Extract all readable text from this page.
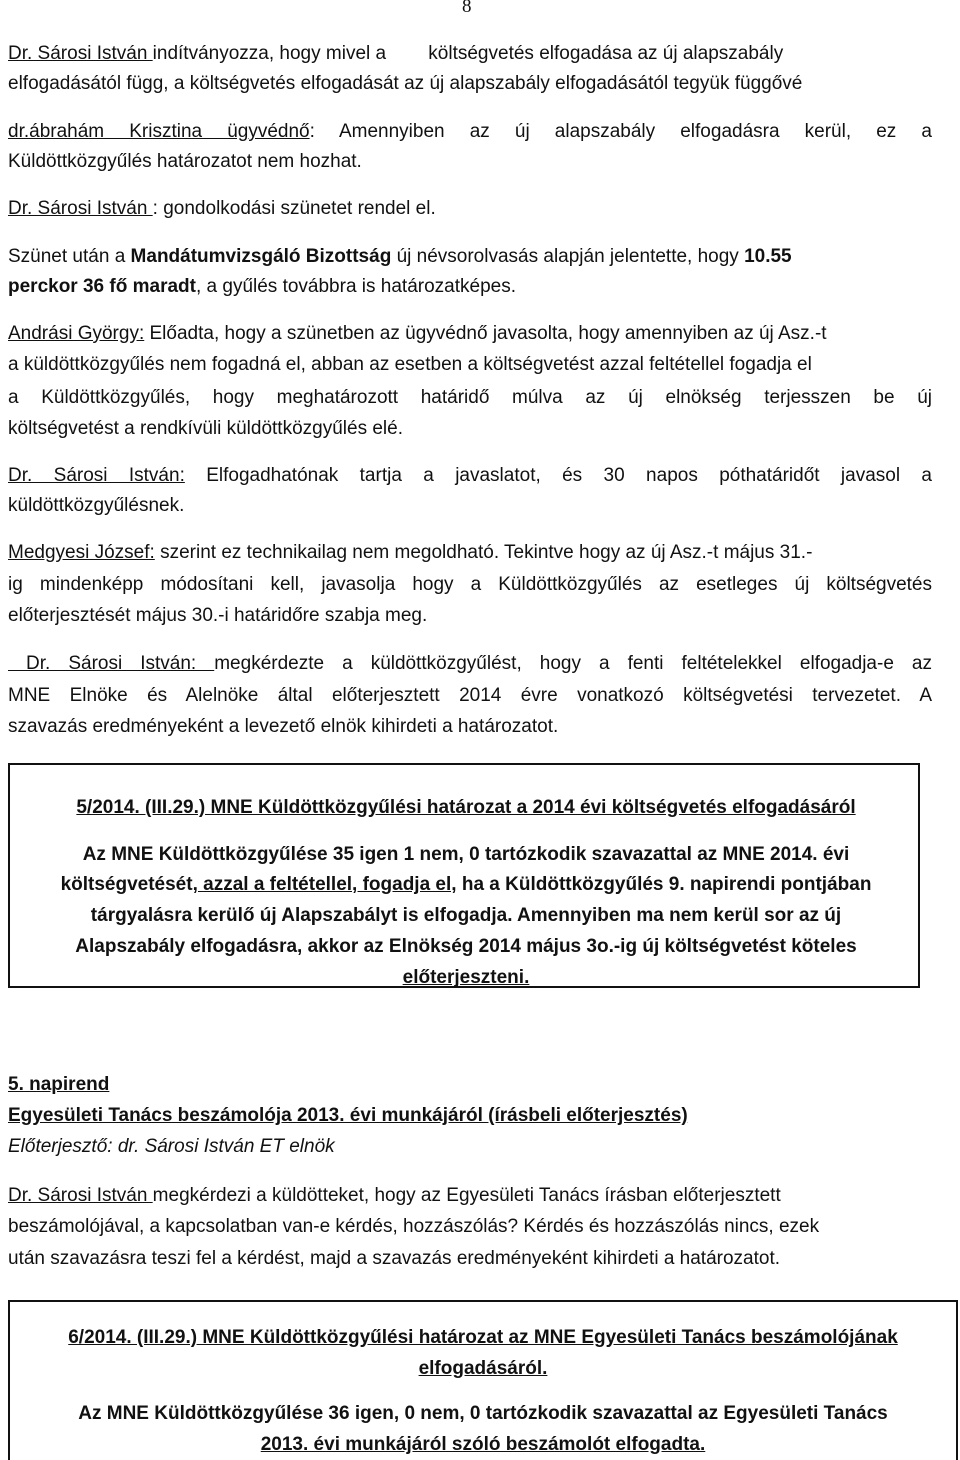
8
Dr. Sárosi István indítványozza, hogy mivel a        költségvetés elfogadása az új alapszabály
elfogadásától függ, a költségvetés elfogadását az új alapszabály elfogadásától tegyük függővé
dr.ábrahám Krisztina ügyvédnő: Amennyiben az új alapszabály elfogadásra kerül, ez a
Küldöttközgyűlés határozatot nem hozhat.
Dr. Sárosi István : gondolkodási szünetet rendel el.
Szünet után a Mandátumvizsgáló Bizottság új névsorolvasás alapján jelentette, hogy 10.55
perckor 36 fő maradt, a gyűlés továbbra is határozatképes.
Andrási György: Előadta, hogy a szünetben az ügyvédnő javasolta, hogy amennyiben az új Asz.-t
a küldöttközgyűlés nem fogadná el, abban az esetben a költségvetést azzal feltétellel fogadja el
a Küldöttközgyűlés, hogy meghatározott határidő múlva az új elnökség terjesszen be új
költségvetést a rendkívüli küldöttközgyűlés elé.
Dr. Sárosi István: Elfogadhatónak tartja a javaslatot, és 30 napos póthatáridőt javasol a
küldöttközgyűlésnek.
Medgyesi József: szerint ez technikailag nem megoldható. Tekintve hogy az új Asz.-t május 31.-
ig mindenképp módosítani kell, javasolja hogy a Küldöttközgyűlés az esetleges új költségvetés
előterjesztését május 30.-i határidőre szabja meg.
Dr. Sárosi István: megkérdezte a küldöttközgyűlést, hogy a fenti feltételekkel elfogadja-e az
MNE Elnöke és Alelnöke által előterjesztett 2014 évre vonatkozó költségvetési tervezetet. A
szavazás eredményeként a levezető elnök kihirdeti a határozatot.
5/2014. (III.29.) MNE Küldöttközgyűlési határozat a 2014 évi költségvetés elfogadásáról
Az MNE Küldöttközgyűlése 35 igen 1 nem, 0 tartózkodik szavazattal az MNE 2014. évi
költségvetését, azzal a feltétellel, fogadja el, ha a Küldöttközgyűlés 9. napirendi pontjában
tárgyalásra kerülő új Alapszabályt is elfogadja. Amennyiben ma nem kerül sor az új
Alapszabály elfogadásra, akkor az Elnökség 2014 május 3o.-ig új költségvetést köteles
előterjeszteni.
5. napirend
Egyesületi Tanács beszámolója 2013. évi munkájáról (írásbeli előterjesztés)
Előterjesztő: dr. Sárosi István ET elnök
Dr. Sárosi István megkérdezi a küldötteket, hogy az Egyesületi Tanács írásban előterjesztett
beszámolójával, a kapcsolatban van-e kérdés, hozzászólás? Kérdés és hozzászólás nincs, ezek
után szavazásra teszi fel a kérdést, majd a szavazás eredményeként kihirdeti a határozatot.
6/2014. (III.29.) MNE Küldöttközgyűlési határozat az MNE Egyesületi Tanács beszámolójának
elfogadásáról.
Az MNE Küldöttközgyűlése 36 igen, 0 nem, 0 tartózkodik szavazattal az Egyesületi Tanács
2013. évi munkájáról szóló beszámolót elfogadta.
